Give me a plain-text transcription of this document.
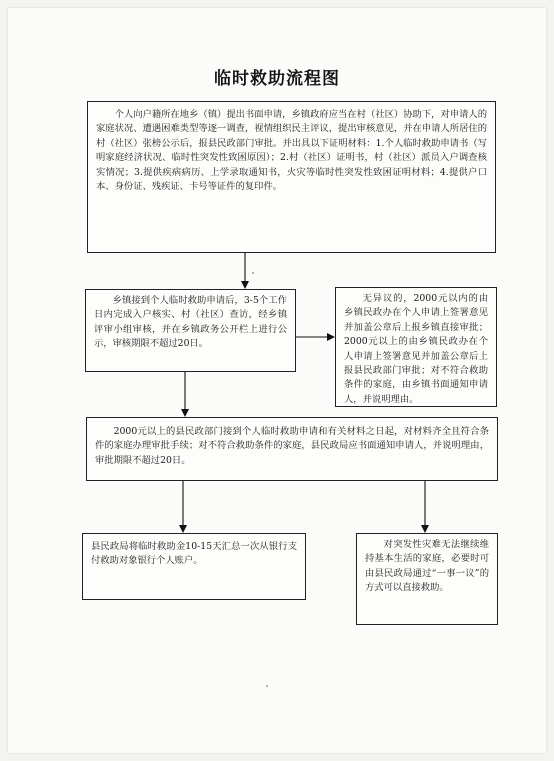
临时救助流程图
个人向户籍所在地乡（镇）提出书面申请，乡镇政府应当在村（社区）协助下，对申请人的家庭状况、遭遇困难类型等逐一调查，视情组织民主评议，提出审核意见，并在申请人所居住的村（社区）张榜公示后，报县民政部门审批。并出具以下证明材料：1.个人临时救助申请书（写明家庭经济状况、临时性突发性致困原因）；2.村（社区）证明书，村（社区）派员入户调查核实情况；3.提供疾病病历、上学录取通知书，火灾等临时性突发性致困证明材料；4.提供户口本、身份证、残疾证、卡号等证件的复印件。
乡镇接到个人临时救助申请后，3-5个工作日内完成入户核实、村（社区）查访，经乡镇评审小组审核，并在乡镇政务公开栏上进行公示，审核期限不超过20日。
无异议的，2000元以内的由乡镇民政办在个人申请上签署意见并加盖公章后上报乡镇直接审批；2000元以上的由乡镇民政办在个人申请上签署意见并加盖公章后上报县民政部门审批；对不符合救助条件的家庭，由乡镇书面通知申请人，并说明理由。
2000元以上的县民政部门接到个人临时救助申请和有关材料之日起，对材料齐全且符合条件的家庭办理审批手续；对不符合救助条件的家庭，县民政局应书面通知申请人，并说明理由，审批期限不超过20日。
县民政局将临时救助金10-15天汇总一次从银行支付救助对象银行个人账户。
对突发性灾难无法继续维持基本生活的家庭，必要时可由县民政局通过“一事一议”的方式可以直接救助。
